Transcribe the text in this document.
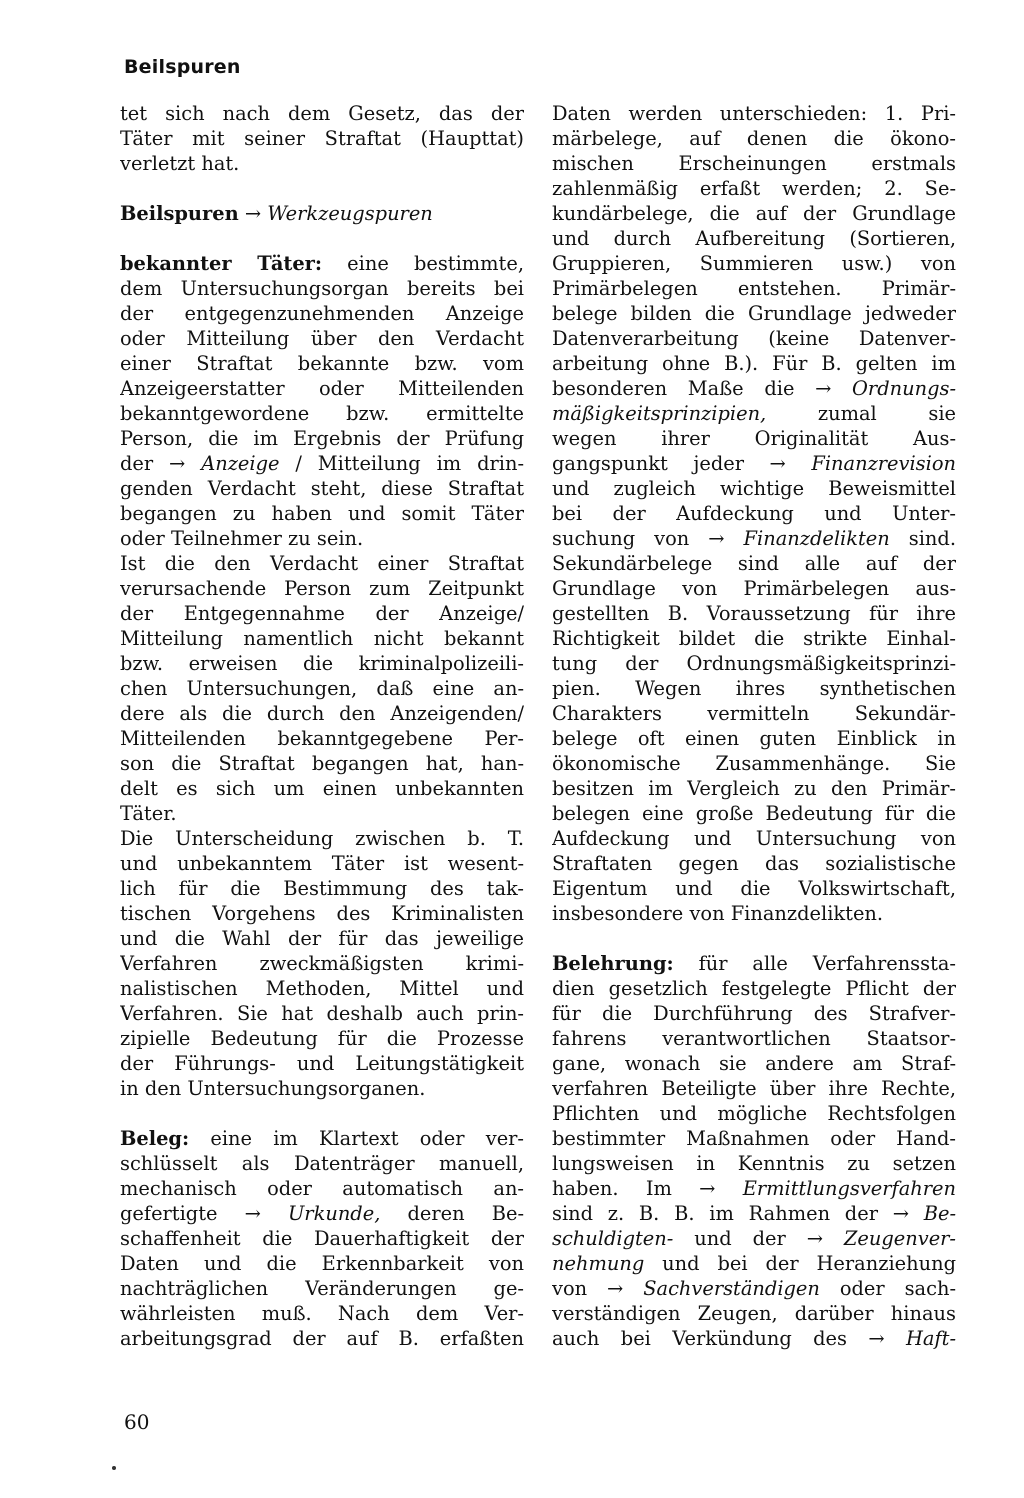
Beilspuren
tet sich nach dem Gesetz, das der
Täter mit seiner Straftat (Haupttat)
verletzt hat.
Beilspuren → Werkzeugspuren
bekannter Täter: eine bestimmte,
dem Untersuchungsorgan bereits bei
der entgegenzunehmenden Anzeige
oder Mitteilung über den Verdacht
einer Straftat bekannte bzw. vom
Anzeigeerstatter oder Mitteilenden
bekanntgewordene bzw. ermittelte
Person, die im Ergebnis der Prüfung
der → Anzeige / Mitteilung im drin-
genden Verdacht steht, diese Straftat
begangen zu haben und somit Täter
oder Teilnehmer zu sein.
Ist die den Verdacht einer Straftat
verursachende Person zum Zeitpunkt
der Entgegennahme der Anzeige/
Mitteilung namentlich nicht bekannt
bzw. erweisen die kriminalpolizeili-
chen Untersuchungen, daß eine an-
dere als die durch den Anzeigenden/
Mitteilenden bekanntgegebene Per-
son die Straftat begangen hat, han-
delt es sich um einen unbekannten
Täter.
Die Unterscheidung zwischen b. T.
und unbekanntem Täter ist wesent-
lich für die Bestimmung des tak-
tischen Vorgehens des Kriminalisten
und die Wahl der für das jeweilige
Verfahren zweckmäßigsten krimi-
nalistischen Methoden, Mittel und
Verfahren. Sie hat deshalb auch prin-
zipielle Bedeutung für die Prozesse
der Führungs- und Leitungstätigkeit
in den Untersuchungsorganen.
Beleg: eine im Klartext oder ver-
schlüsselt als Datenträger manuell,
mechanisch oder automatisch an-
gefertigte → Urkunde, deren Be-
schaffenheit die Dauerhaftigkeit der
Daten und die Erkennbarkeit von
nachträglichen Veränderungen ge-
währleisten muß. Nach dem Ver-
arbeitungsgrad der auf B. erfaßten
Daten werden unterschieden: 1. Pri-
märbelege, auf denen die ökono-
mischen Erscheinungen erstmals
zahlenmäßig erfaßt werden; 2. Se-
kundärbelege, die auf der Grundlage
und durch Aufbereitung (Sortieren,
Gruppieren, Summieren usw.) von
Primärbelegen entstehen. Primär-
belege bilden die Grundlage jedweder
Datenverarbeitung (keine Datenver-
arbeitung ohne B.). Für B. gelten im
besonderen Maße die → Ordnungs-
mäßigkeitsprinzipien, zumal sie
wegen ihrer Originalität Aus-
gangspunkt jeder → Finanzrevision
und zugleich wichtige Beweismittel
bei der Aufdeckung und Unter-
suchung von → Finanzdelikten sind.
Sekundärbelege sind alle auf der
Grundlage von Primärbelegen aus-
gestellten B. Voraussetzung für ihre
Richtigkeit bildet die strikte Einhal-
tung der Ordnungsmäßigkeitsprinzi-
pien. Wegen ihres synthetischen
Charakters vermitteln Sekundär-
belege oft einen guten Einblick in
ökonomische Zusammenhänge. Sie
besitzen im Vergleich zu den Primär-
belegen eine große Bedeutung für die
Aufdeckung und Untersuchung von
Straftaten gegen das sozialistische
Eigentum und die Volkswirtschaft,
insbesondere von Finanzdelikten.
Belehrung: für alle Verfahrenssta-
dien gesetzlich festgelegte Pflicht der
für die Durchführung des Strafver-
fahrens verantwortlichen Staatsor-
gane, wonach sie andere am Straf-
verfahren Beteiligte über ihre Rechte,
Pflichten und mögliche Rechtsfolgen
bestimmter Maßnahmen oder Hand-
lungsweisen in Kenntnis zu setzen
haben. Im → Ermittlungsverfahren
sind z. B. B. im Rahmen der → Be-
schuldigten- und der → Zeugenver-
nehmung und bei der Heranziehung
von → Sachverständigen oder sach-
verständigen Zeugen, darüber hinaus
auch bei Verkündung des → Haft-
60
